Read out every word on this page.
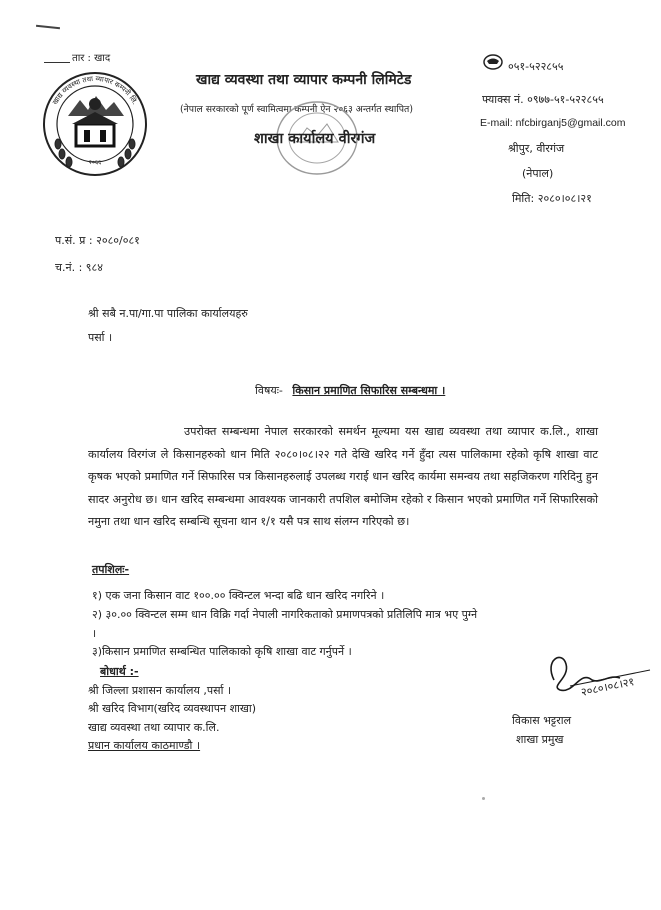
तार : खाद
२०६६
खाद्य व्यवस्था तथा व्यापार कम्पनी लि.
खाद्य व्यवस्था तथा व्यापार कम्पनी लिमिटेड
(नेपाल सरकारको पूर्ण स्वामित्वमा कम्पनी ऐन २०६३ अन्तर्गत स्थापित)
शाखा कार्यालय वीरगंज
०५१-५२२८५५
फ्याक्स नं. ०९७७-५१-५२२८५५
E-mail: nfcbirganj5@gmail.com
श्रीपुर, वीरगंज
(नेपाल)
मिति: २०८०।०८।२१
प.सं. प्र : २०८०/०८१
च.नं. : ९८४
श्री सबै न.पा/गा.पा पालिका कार्यालयहरु
पर्सा ।
विषयः- किसान प्रमाणित सिफारिस सम्बन्धमा ।
उपरोक्त सम्बन्धमा नेपाल सरकारको समर्थन मूल्यमा यस खाद्य व्यवस्था तथा व्यापार क.लि., शाखा कार्यालय विरगंज ले किसानहरुको धान मिति २०८०।०८।२२ गते देखि खरिद गर्ने हुँदा त्यस पालिकामा रहेको कृषि शाखा वाट कृषक भएको प्रमाणित गर्ने सिफारिस पत्र किसानहरुलाई उपलब्ध गराई धान खरिद कार्यमा समन्वय तथा सहजिकरण गरिदिनु हुन सादर अनुरोध छ। धान खरिद सम्बन्धमा आवश्यक जानकारी तपशिल बमोजिम रहेको र किसान भएको प्रमाणित गर्ने सिफारिसको नमुना तथा धान खरिद सम्बन्धि सूचना थान १/१ यसै पत्र साथ संलग्न गरिएको छ।
तपशिलः-
१) एक जना किसान वाट १००.०० क्विन्टल भन्दा बढि धान खरिद नगरिने ।
२) ३०.०० क्विन्टल सम्म धान विक्रि गर्दा नेपाली नागरिकताको प्रमाणपत्रको प्रतिलिपि मात्र भए पुग्ने
।
३)किसान प्रमाणित सम्बन्धित पालिकाको कृषि शाखा वाट गर्नुपर्ने ।
बोधार्थ :-
श्री जिल्ला प्रशासन कार्यालय ,पर्सा ।
श्री खरिद विभाग(खरिद व्यवस्थापन शाखा)
खाद्य व्यवस्था तथा व्यापार क.लि.
प्रधान कार्यालय काठमाण्डौ ।
२०८०।०८।२१
विकास भट्टराल
शाखा प्रमुख
